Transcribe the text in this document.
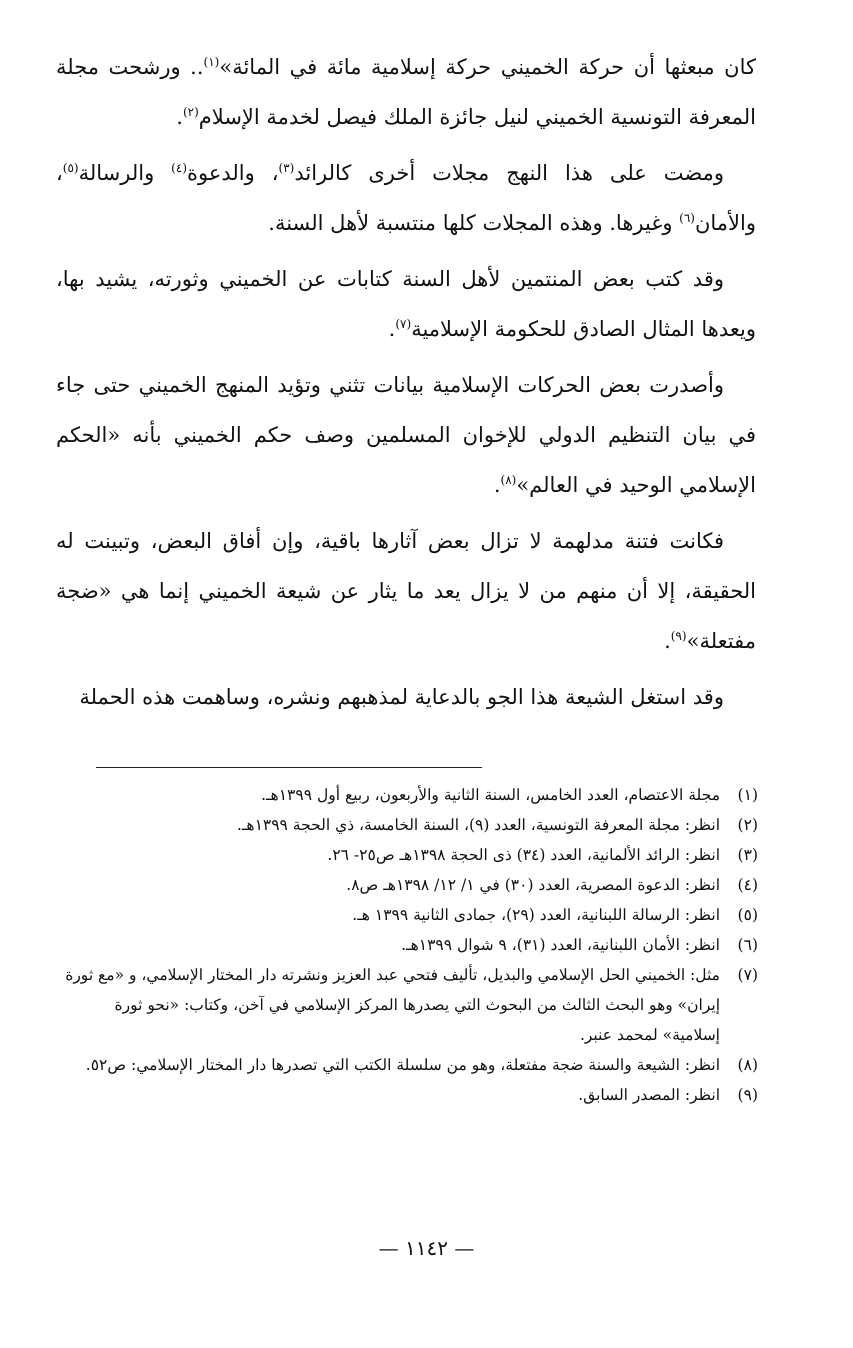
كان مبعثها أن حركة الخميني حركة إسلامية مائة في المائة»$^{(١)}$.. ورشحت مجلة المعرفة التونسية الخميني لنيل جائزة الملك فيصل لخدمة الإسلام$^{(٢)}$.

ومضت على هذا النهج مجلات أخرى كالرائد$^{(٣)}$، والدعوة$^{(٤)}$ والرسالة$^{(٥)}$، والأمان$^{(٦)}$ وغيرها. وهذه المجلات كلها منتسبة لأهل السنة.

وقد كتب بعض المنتمين لأهل السنة كتابات عن الخميني وثورته، يشيد بها، ويعدها المثال الصادق للحكومة الإسلامية$^{(٧)}$.

وأصدرت بعض الحركات الإسلامية بيانات تثني وتؤيد المنهج الخميني حتى جاء في بيان التنظيم الدولي للإخوان المسلمين وصف حكم الخميني بأنه «الحكم الإسلامي الوحيد في العالم»$^{(٨)}$.

فكانت فتنة مدلهمة لا تزال بعض آثارها باقية، وإن أفاق البعض، وتبينت له الحقيقة، إلا أن منهم من لا يزال يعد ما يثار عن شيعة الخميني إنما هي «ضجة مفتعلة»$^{(٩)}$.

وقد استغل الشيعة هذا الجو بالدعاية لمذهبهم ونشره، وساهمت هذه الحملة

(١)
مجلة الاعتصام، العدد الخامس، السنة الثانية والأربعون، ربيع أول ١٣٩٩هـ.
(٢)
انظر: مجلة المعرفة التونسية، العدد (٩)، السنة الخامسة، ذي الحجة ١٣٩٩هـ.
(٣)
انظر: الرائد الألمانية، العدد (٣٤) ذى الحجة ١٣٩٨هـ ص٢٥- ٢٦.
(٤)
انظر: الدعوة المصرية، العدد (٣٠) في ١/ ١٢/ ١٣٩٨هـ ص٨.
(٥)
انظر: الرسالة اللبنانية، العدد (٢٩)، جمادى الثانية ١٣٩٩ هـ.
(٦)
انظر: الأمان اللبنانية، العدد (٣١)، ٩ شوال ١٣٩٩هـ.
(٧)
مثل: الخميني الحل الإسلامي والبديل، تأليف فتحي عبد العزيز ونشرته دار المختار الإسلامي، و «مع ثورة إيران» وهو البحث الثالث من البحوث التي يصدرها المركز الإسلامي في آخن، وكتاب: «نحو ثورة إسلامية» لمحمد عنبر.
(٨)
انظر: الشيعة والسنة ضجة مفتعلة، وهو من سلسلة الكتب التي تصدرها دار المختار الإسلامي: ص٥٢.
(٩)
انظر: المصدر السابق.
— ١١٤٢ —
